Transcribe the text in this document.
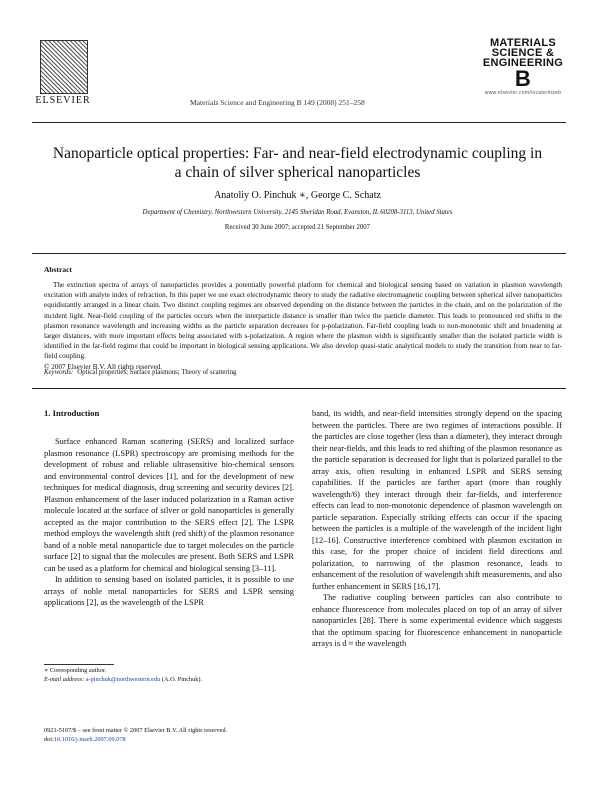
ELSEVIER	Materials Science and Engineering B 149 (2008) 251–258
MATERIALS
SCIENCE &
ENGINEERING
B
www.elsevier.com/locate/mseb
Nanoparticle optical properties: Far- and near-field electrodynamic coupling in a chain of silver spherical nanoparticles
Anatoliy O. Pinchuk ∗, George C. Schatz
Department of Chemistry, Northwestern University, 2145 Sheridan Road, Evanston, IL 60208-3113, United States
Received 30 June 2007; accepted 21 September 2007
Abstract
The extinction spectra of arrays of nanoparticles provides a potentially powerful platform for chemical and biological sensing based on variation in plasmon wavelength excitation with analyte index of refraction. In this paper we use exact electrodynamic theory to study the radiative electromagnetic coupling between spherical silver nanoparticles equidistantly arranged in a linear chain. Two distinct coupling regimes are observed depending on the distance between the particles in the chain, and on the polarization of the incident light. Near-field coupling of the particles occurs when the interparticle distance is smaller than twice the particle diameter. This leads to pronounced red shifts in the plasmon resonance wavelength and increasing widths as the particle separation decreases for p-polarization. Far-field coupling leads to non-monotonic shift and broadening at larger distances, with more important effects being associated with s-polarization. A region where the plasmon width is significantly smaller than the isolated particle width is identified in the far-field regime that could be important in biological sensing applications. We also develop quasi-static analytical models to study the transition from near to far-field coupling.
© 2007 Elsevier B.V. All rights reserved.
Keywords: Optical properties; Surface plasmons; Theory of scattering
1. Introduction

Surface enhanced Raman scattering (SERS) and localized surface plasmon resonance (LSPR) spectroscopy are promising methods for the development of robust and reliable ultrasensitive bio-chemical sensors and environmental control devices [1], and for the development of new techniques for medical diagnosis, drug screening and security devices [2]. Plasmon enhancement of the laser induced polarization in a Raman active molecule located at the surface of silver or gold nanoparticles is generally accepted as the major contribution to the SERS effect [2]. The LSPR method employs the wavelength shift (red shift) of the plasmon resonance band of a noble metal nanoparticle due to target molecules on the particle surface [2] to signal that the molecules are present. Both SERS and LSPR can be used as a platform for chemical and biological sensing [3–11].

In addition to sensing based on isolated particles, it is possible to use arrays of noble metal nanoparticles for SERS and LSPR sensing applications [2], as the wavelength of the LSPR

band, its width, and near-field intensities strongly depend on the spacing between the particles. There are two regimes of interactions possible. If the particles are close together (less than a diameter), they interact through their near-fields, and this leads to red shifting of the plasmon resonance as the particle separation is decreased for light that is polarized parallel to the array axis, often resulting in enhanced LSPR and SERS sensing capabilities. If the particles are farther apart (more than roughly wavelength/6) they interact through their far-fields, and interference effects can lead to non-monotonic dependence of plasmon wavelength on particle separation. Especially striking effects can occur if the spacing between the particles is a multiple of the wavelength of the incident light [12–16]. Constructive interference combined with plasmon excitation in this case, for the proper choice of incident field directions and polarization, to narrowing of the plasmon resonance, leads to enhancement of the resolution of wavelength shift measurements, and also further enhancement in SERS [16,17].

The radiative coupling between particles can also contribute to enhance fluorescence from molecules placed on top of an array of silver nanoparticles [28]. There is some experimental evidence which suggests that the optimum spacing for fluorescence enhancement in nanoparticle arrays is d ≈ the wavelength

∗ Corresponding author.
E-mail address: a-pinchuk@northwestern.edu (A.O. Pinchuk).
0921-5107/$ – see front matter © 2007 Elsevier B.V. All rights reserved.
doi:10.1016/j.mseb.2007.09.078
